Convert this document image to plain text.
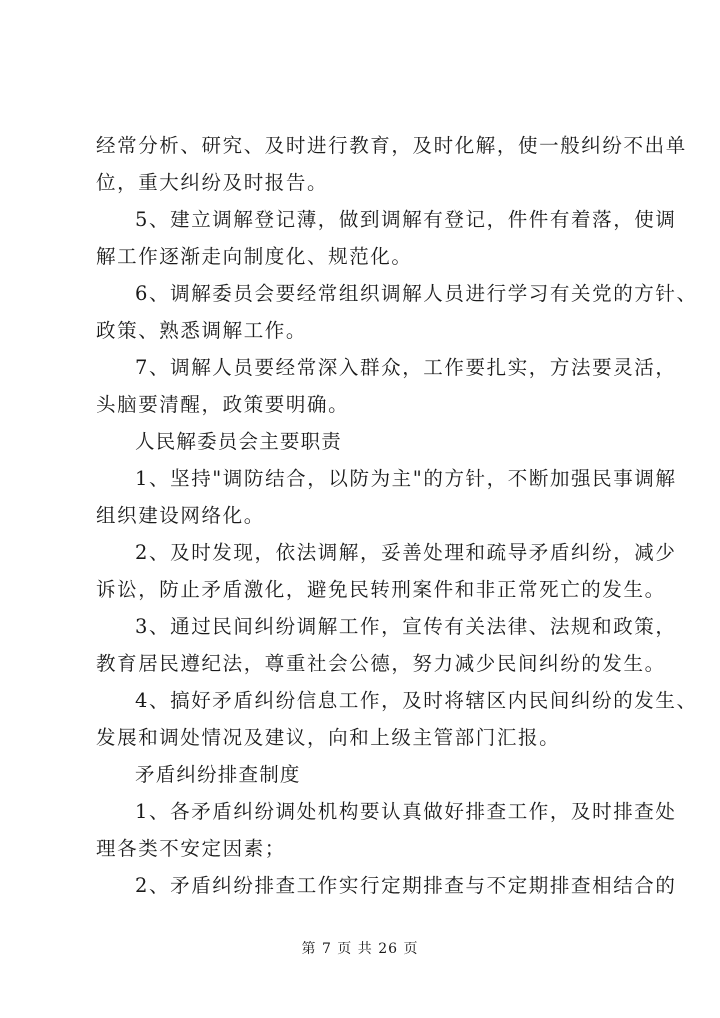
经常分析、研究、及时进行教育，及时化解，使一般纠纷不出单
位，重大纠纷及时报告。
5、建立调解登记薄，做到调解有登记，件件有着落，使调
解工作逐渐走向制度化、规范化。
6、调解委员会要经常组织调解人员进行学习有关党的方针、
政策、熟悉调解工作。
7、调解人员要经常深入群众，工作要扎实，方法要灵活，
头脑要清醒，政策要明确。
人民解委员会主要职责
1、坚持"调防结合，以防为主"的方针，不断加强民事调解
组织建设网络化。
2、及时发现，依法调解，妥善处理和疏导矛盾纠纷，减少
诉讼，防止矛盾激化，避免民转刑案件和非正常死亡的发生。
3、通过民间纠纷调解工作，宣传有关法律、法规和政策，
教育居民遵纪法，尊重社会公德，努力减少民间纠纷的发生。
4、搞好矛盾纠纷信息工作，及时将辖区内民间纠纷的发生、
发展和调处情况及建议，向和上级主管部门汇报。
矛盾纠纷排查制度
1、各矛盾纠纷调处机构要认真做好排查工作，及时排查处
理各类不安定因素；
2、矛盾纠纷排查工作实行定期排查与不定期排查相结合的
第 7 页 共 26 页
